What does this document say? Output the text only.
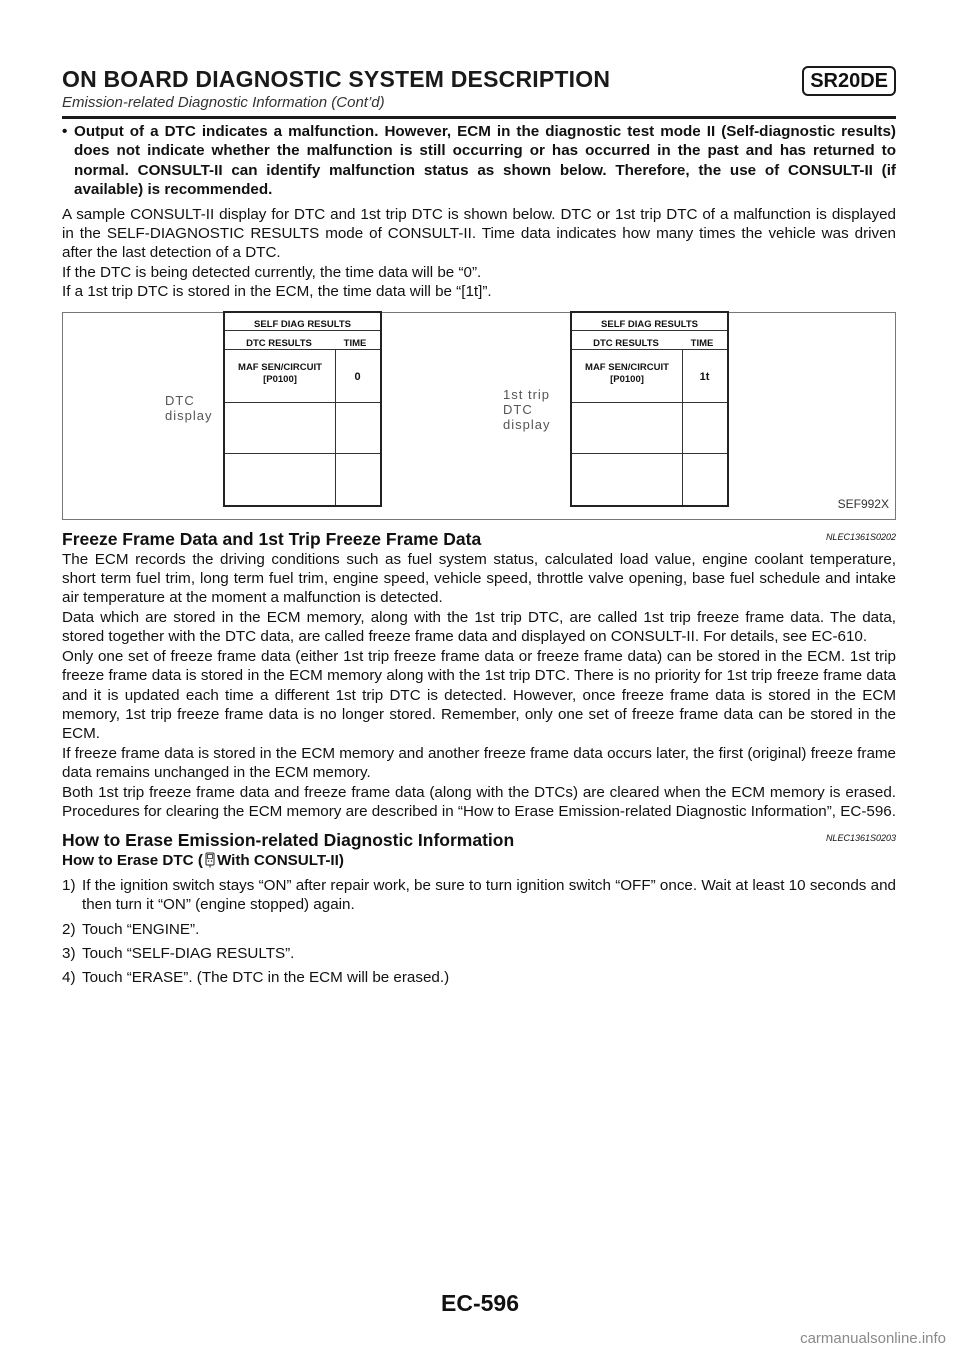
ON BOARD DIAGNOSTIC SYSTEM DESCRIPTION	SR20DE
Emission-related Diagnostic Information (Cont’d)
• Output of a DTC indicates a malfunction. However, ECM in the diagnostic test mode II (Self-diagnostic results) does not indicate whether the malfunction is still occurring or has occurred in the past and has returned to normal. CONSULT-II can identify malfunction status as shown below. Therefore, the use of CONSULT-II (if available) is recommended.

A sample CONSULT-II display for DTC and 1st trip DTC is shown below. DTC or 1st trip DTC of a malfunction is displayed in the SELF-DIAGNOSTIC RESULTS mode of CONSULT-II. Time data indicates how many times the vehicle was driven after the last detection of a DTC.

If the DTC is being detected currently, the time data will be “0”.

If a 1st trip DTC is stored in the ECM, the time data will be “[1t]”.

DTC
display
SELF DIAG RESULTS
DTC RESULTS	TIME
MAF SEN/CIRCUIT
[P0100]	0
1st trip
DTC
display
SELF DIAG RESULTS
DTC RESULTS	TIME
MAF SEN/CIRCUIT
[P0100]	1t
SEF992X
Freeze Frame Data and 1st Trip Freeze Frame Data	NLEC1361S0202

The ECM records the driving conditions such as fuel system status, calculated load value, engine coolant temperature, short term fuel trim, long term fuel trim, engine speed, vehicle speed, throttle valve opening, base fuel schedule and intake air temperature at the moment a malfunction is detected.

Data which are stored in the ECM memory, along with the 1st trip DTC, are called 1st trip freeze frame data. The data, stored together with the DTC data, are called freeze frame data and displayed on CONSULT-II. For details, see EC-610.

Only one set of freeze frame data (either 1st trip freeze frame data or freeze frame data) can be stored in the ECM. 1st trip freeze frame data is stored in the ECM memory along with the 1st trip DTC. There is no priority for 1st trip freeze frame data and it is updated each time a different 1st trip DTC is detected. However, once freeze frame data is stored in the ECM memory, 1st trip freeze frame data is no longer stored. Remember, only one set of freeze frame data can be stored in the ECM.

If freeze frame data is stored in the ECM memory and another freeze frame data occurs later, the first (original) freeze frame data remains unchanged in the ECM memory.

Both 1st trip freeze frame data and freeze frame data (along with the DTCs) are cleared when the ECM memory is erased. Procedures for clearing the ECM memory are described in “How to Erase Emission-related Diagnostic Information”, EC-596.

How to Erase Emission-related Diagnostic Information	NLEC1361S0203
How to Erase DTC ( With CONSULT-II)
1) If the ignition switch stays “ON” after repair work, be sure to turn ignition switch “OFF” once. Wait at least 10 seconds and then turn it “ON” (engine stopped) again.
2) Touch “ENGINE”.
3) Touch “SELF-DIAG RESULTS”.
4) Touch “ERASE”. (The DTC in the ECM will be erased.)
EC-596
carmanualsonline.info
